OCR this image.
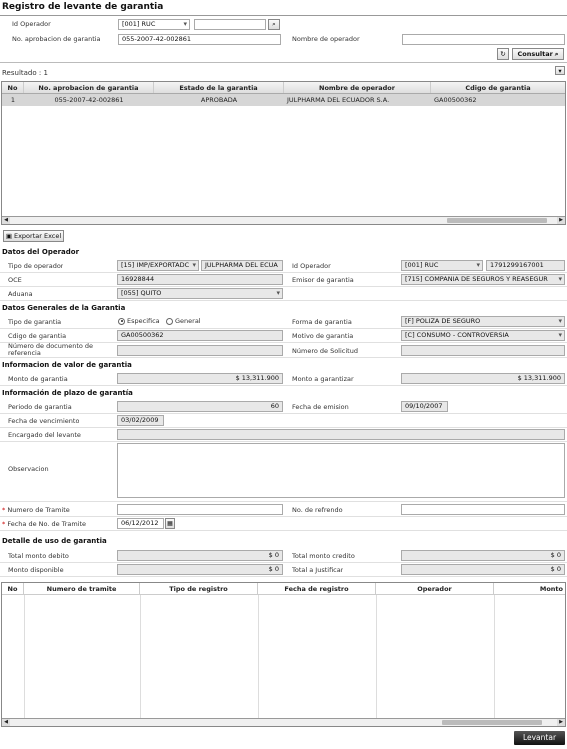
Registro de levante de garantia
Id Operador	[001] RUC ▾	⌕
No. aprobacion de garantia	055-2007-42-002861	Nombre de operador
↻	Consultar ⌕
Resultado : 1	▾
No	No. aprobacion de garantia	Estado de la garantia	Nombre de operador	Cdigo de garantia
1	055-2007-42-002861	APROBADA	JULPHARMA DEL ECUADOR S.A.	GA00500362
◀	▶
▣ Exportar Excel
Datos del Operador
Tipo de operador	[15] IMP/EXPORTADC ▾	JULPHARMA DEL ECUA	Id Operador	[001] RUC ▾	1791299167001
OCE	16928844	Emisor de garantia	[715] COMPANIA DE SEGUROS Y REASEGUR ▾
Aduana	[055] QUITO ▾
Datos Generales de la Garantia
Tipo de garantia	Especifica	General	Forma de garantia	[F] POLIZA DE SEGURO ▾
Cdigo de garantia	GA00500362	Motivo de garantia	[C] CONSUMO - CONTROVERSIA ▾
Número de documento de referencia	Número de Solicitud
Informacion de valor de garantia
Monto de garantia	$ 13,311.900	Monto a garantizar	$ 13,311.900
Información de plazo de garantía
Periodo de garantia	60	Fecha de emision	09/10/2007
Fecha de vencimiento	03/02/2009
Encargado del levante
Observacion
* Numero de Tramite	No. de refrendo
* Fecha de No. de Tramite	06/12/2012	▦
Detalle de uso de garantia
Total monto debito	$ 0	Total monto credito	$ 0
Monto disponible	$ 0	Total a Justificar	$ 0
No	Numero de tramite	Tipo de registro	Fecha de registro	Operador	Monto
◀	▶
Levantar
